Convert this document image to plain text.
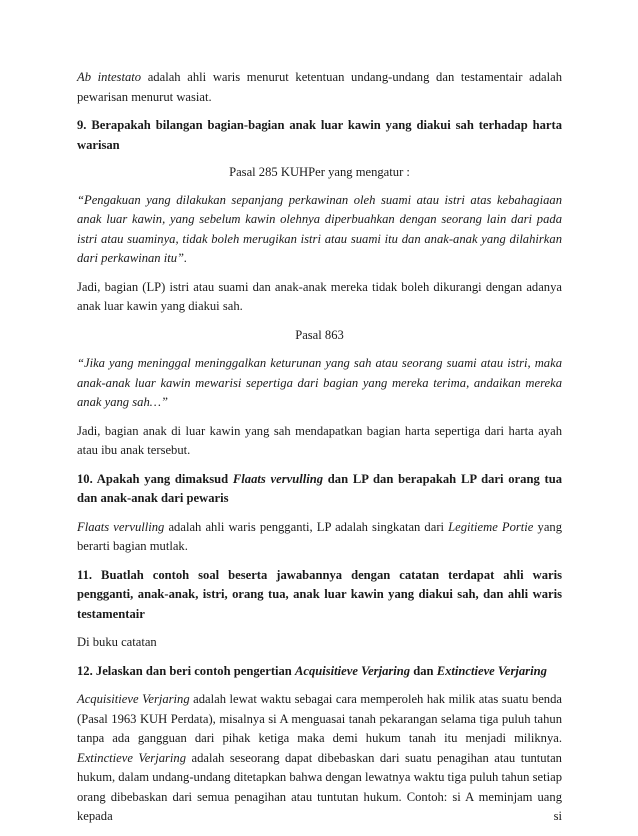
Ab intestato adalah ahli waris menurut ketentuan undang-undang dan testamentair adalah pewarisan menurut wasiat.

9. Berapakah bilangan bagian-bagian anak luar kawin yang diakui sah terhadap harta warisan

Pasal 285 KUHPer yang mengatur :

“Pengakuan yang dilakukan sepanjang perkawinan oleh suami atau istri atas kebahagiaan anak luar kawin, yang sebelum kawin olehnya diperbuahkan dengan seorang lain dari pada istri atau suaminya, tidak boleh merugikan istri atau suami itu dan anak-anak yang dilahirkan dari perkawinan itu”.

Jadi, bagian (LP) istri atau suami dan anak-anak mereka tidak boleh dikurangi dengan adanya anak luar kawin yang diakui sah.

Pasal 863

“Jika yang meninggal meninggalkan keturunan yang sah atau seorang suami atau istri, maka anak-anak luar kawin mewarisi sepertiga dari bagian yang mereka terima, andaikan mereka anak yang sah…”

Jadi, bagian anak di luar kawin yang sah mendapatkan bagian harta sepertiga dari harta ayah atau ibu anak tersebut.

10. Apakah yang dimaksud Flaats vervulling dan LP dan berapakah LP dari orang tua dan anak-anak dari pewaris

Flaats vervulling adalah ahli waris pengganti, LP adalah singkatan dari Legitieme Portie yang berarti bagian mutlak.

11. Buatlah contoh soal beserta jawabannya dengan catatan terdapat ahli waris pengganti, anak-anak, istri, orang tua, anak luar kawin yang diakui sah, dan ahli waris testamentair

Di buku catatan

12. Jelaskan dan beri contoh pengertian Acquisitieve Verjaring dan Extinctieve Verjaring

Acquisitieve Verjaring adalah lewat waktu sebagai cara memperoleh hak milik atas suatu benda (Pasal 1963 KUH Perdata), misalnya si A menguasai tanah pekarangan selama tiga puluh tahun tanpa ada gangguan dari pihak ketiga maka demi hukum tanah itu menjadi miliknya. Extinctieve Verjaring adalah seseorang dapat dibebaskan dari suatu penagihan atau tuntutan hukum, dalam undang-undang ditetapkan bahwa dengan lewatnya waktu tiga puluh tahun setiap orang dibebaskan dari semua penagihan atau tuntutan hukum. Contoh: si A meminjam uang kepada si
